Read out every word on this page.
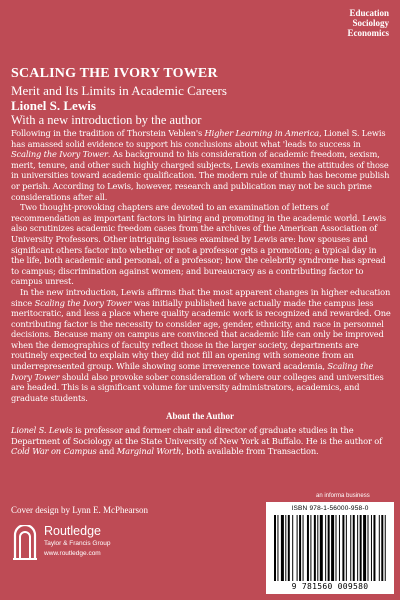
Education
Sociology
Economics
SCALING THE IVORY TOWER
Merit and Its Limits in Academic Careers
Lionel S. Lewis
With a new introduction by the author

Following in the tradition of Thorstein Veblen's Higher Learning in America, Lionel S. Lewis has amassed solid evidence to support his conclusions about what 'leads to success in Scaling the Ivory Tower. As background to his consideration of academic freedom, sexism, merit, tenure, and other such highly charged subjects, Lewis examines the attitudes of those in universities toward academic qualification. The modern rule of thumb has become publish or perish. According to Lewis, however, research and publication may not be such prime considerations after all.

Two thought-provoking chapters are devoted to an examination of letters of recommendation as important factors in hiring and promoting in the academic world. Lewis also scrutinizes academic freedom cases from the archives of the American Association of University Professors. Other intriguing issues examined by Lewis are: how spouses and significant others factor into whether or not a professor gets a promotion; a typical day in the life, both academic and personal, of a professor; how the celebrity syndrome has spread to campus; discrimination against women; and bureaucracy as a contributing factor to campus unrest.

In the new introduction, Lewis affirms that the most apparent changes in higher education since Scaling the Ivory Tower was initially published have actually made the campus less meritocratic, and less a place where quality academic work is recognized and rewarded. One contributing factor is the necessity to consider age, gender, ethnicity, and race in personnel decisions. Because many on campus are convinced that academic life can only be improved when the demographics of faculty reflect those in the larger society, departments are routinely expected to explain why they did not fill an opening with someone from an underrepresented group. While showing some irreverence toward academia, Scaling the Ivory Tower should also provoke sober consideration of where our colleges and universities are headed. This is a significant volume for university administrators, academics, and graduate students.

About the Author
Lionel S. Lewis is professor and former chair and director of graduate studies in the Department of Sociology at the State University of New York at Buffalo. He is the author of Cold War on Campus and Marginal Worth, both available from Transaction.
Cover design by Lynn E. McPhearson
Routledge
Taylor & Francis Group
www.routledge.com
an informa business
ISBN 978-1-56000-958-0
9 781560 009580
